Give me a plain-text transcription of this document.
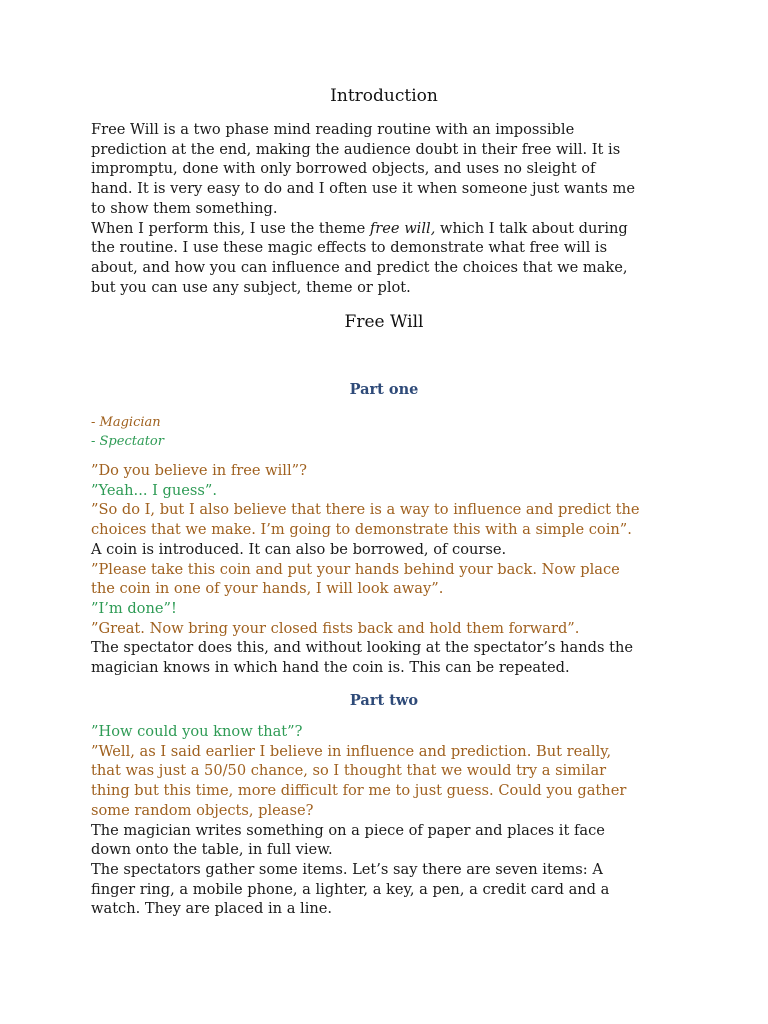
Introduction
Free Will is a two phase mind reading routine with an impossible
prediction at the end, making the audience doubt in their free will. It is
impromptu, done with only borrowed objects, and uses no sleight of
hand. It is very easy to do and I often use it when someone just wants me
to show them something.
When I perform this, I use the theme free will, which I talk about during
the routine. I use these magic effects to demonstrate what free will is
about, and how you can influence and predict the choices that we make,
but you can use any subject, theme or plot.
Free Will
Part one
- Magician
- Spectator
”Do you believe in free will”?
”Yeah... I guess”.
”So do I, but I also believe that there is a way to influence and predict the
choices that we make. I’m going to demonstrate this with a simple coin”.
A coin is introduced. It can also be borrowed, of course.
”Please take this coin and put your hands behind your back. Now place
the coin in one of your hands, I will look away”.
”I’m done”!
”Great. Now bring your closed fists back and hold them forward”.
The spectator does this, and without looking at the spectator’s hands the
magician knows in which hand the coin is. This can be repeated.
Part two
”How could you know that”?
”Well, as I said earlier I believe in influence and prediction. But really,
that was just a 50/50 chance, so I thought that we would try a similar
thing but this time, more difficult for me to just guess. Could you gather
some random objects, please?
The magician writes something on a piece of paper and places it face
down onto the table, in full view.
The spectators gather some items. Let’s say there are seven items: A
finger ring, a mobile phone, a lighter, a key, a pen, a credit card and a
watch. They are placed in a line.
